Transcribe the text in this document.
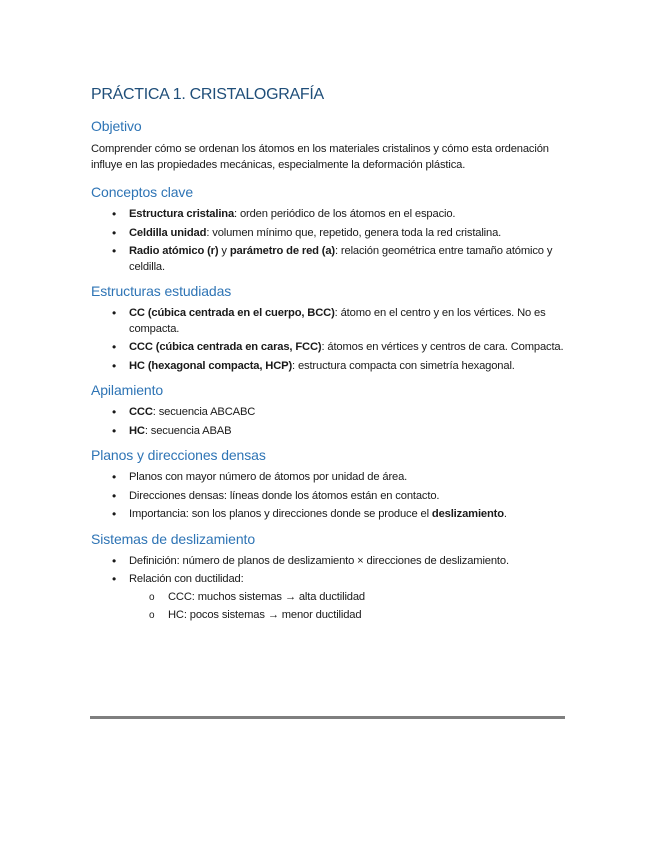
PRÁCTICA 1. CRISTALOGRAFÍA
Objetivo

Comprender cómo se ordenan los átomos en los materiales cristalinos y cómo esta ordenación influye en las propiedades mecánicas, especialmente la deformación plástica.

Conceptos clave
• Estructura cristalina: orden periódico de los átomos en el espacio.
• Celdilla unidad: volumen mínimo que, repetido, genera toda la red cristalina.
• Radio atómico (r) y parámetro de red (a): relación geométrica entre tamaño atómico y celdilla.
Estructuras estudiadas
• CC (cúbica centrada en el cuerpo, BCC): átomo en el centro y en los vértices. No es compacta.
• CCC (cúbica centrada en caras, FCC): átomos en vértices y centros de cara. Compacta.
• HC (hexagonal compacta, HCP): estructura compacta con simetría hexagonal.
Apilamiento
• CCC: secuencia ABCABC
• HC: secuencia ABAB
Planos y direcciones densas
• Planos con mayor número de átomos por unidad de área.
• Direcciones densas: líneas donde los átomos están en contacto.
• Importancia: son los planos y direcciones donde se produce el deslizamiento.
Sistemas de deslizamiento
• Definición: número de planos de deslizamiento × direcciones de deslizamiento.
• Relación con ductilidad:
o CCC: muchos sistemas → alta ductilidad
o HC: pocos sistemas → menor ductilidad
